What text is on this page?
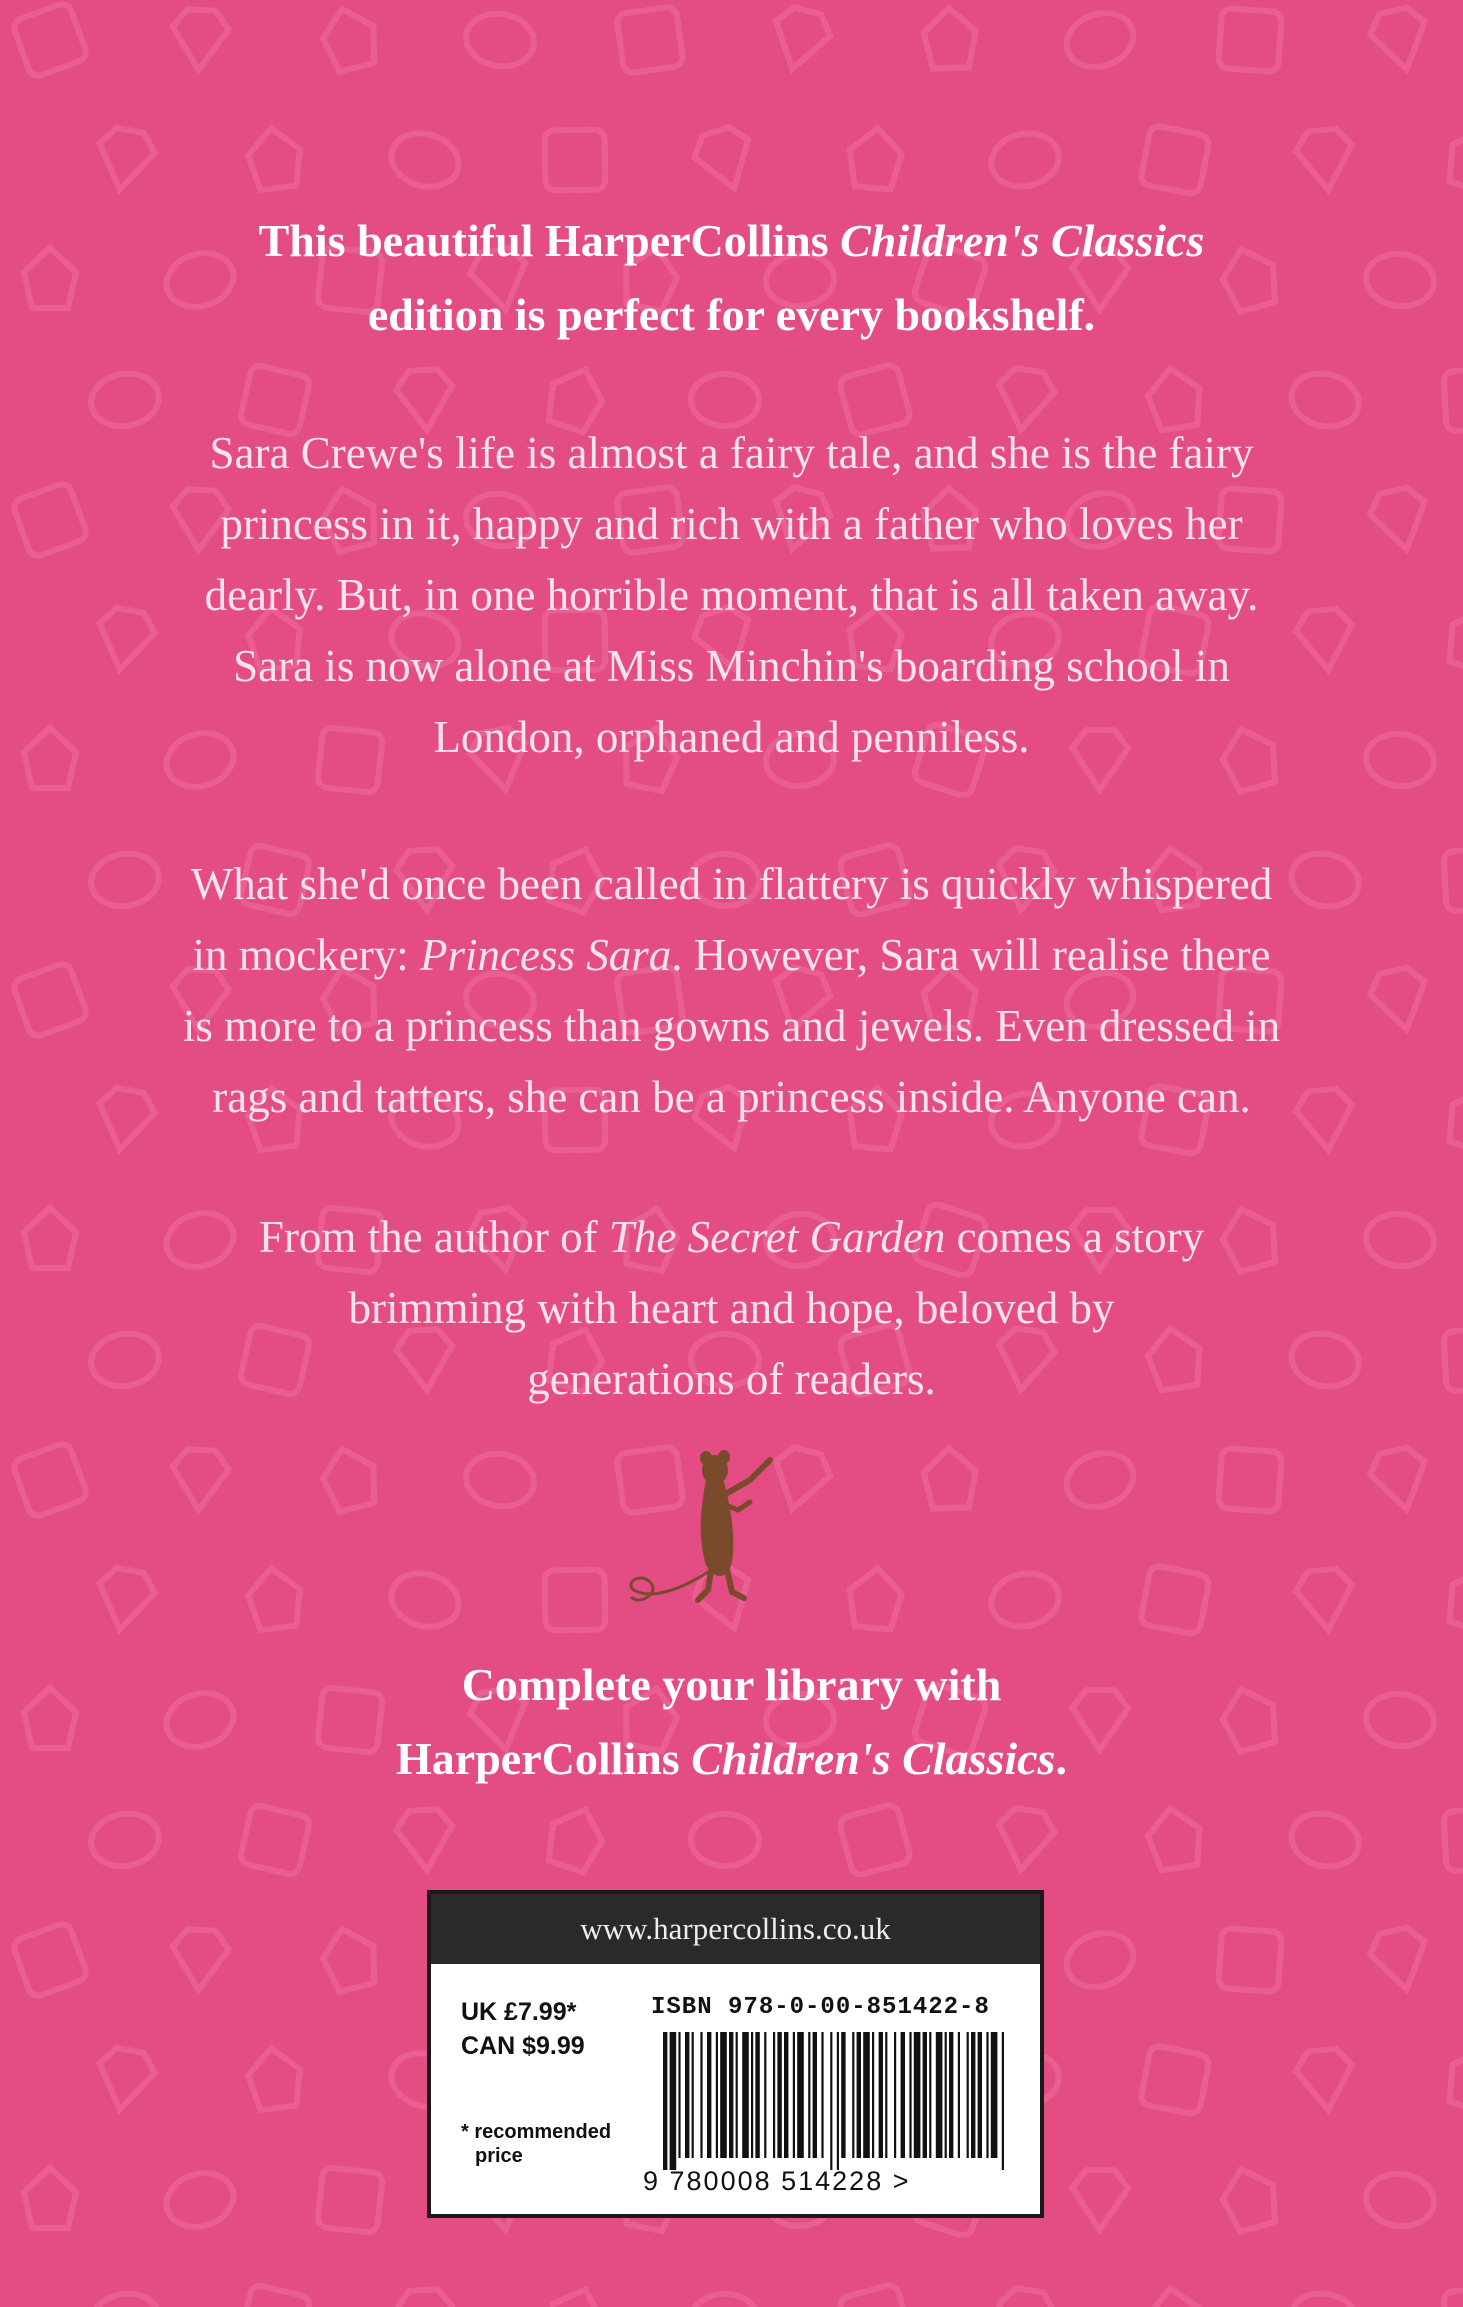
This beautiful HarperCollins Children's Classics
edition is perfect for every bookshelf.
Sara Crewe's life is almost a fairy tale, and she is the fairy
princess in it, happy and rich with a father who loves her
dearly. But, in one horrible moment, that is all taken away.
Sara is now alone at Miss Minchin's boarding school in
London, orphaned and penniless.
What she'd once been called in flattery is quickly whispered
in mockery: Princess Sara. However, Sara will realise there
is more to a princess than gowns and jewels. Even dressed in
rags and tatters, she can be a princess inside. Anyone can.
From the author of The Secret Garden comes a story
brimming with heart and hope, beloved by
generations of readers.
Complete your library with
HarperCollins Children's Classics.
www.harpercollins.co.uk
UK £7.99*
CAN $9.99
* recommended
price
ISBN 978-0-00-851422-8
9 780008 514228 >
